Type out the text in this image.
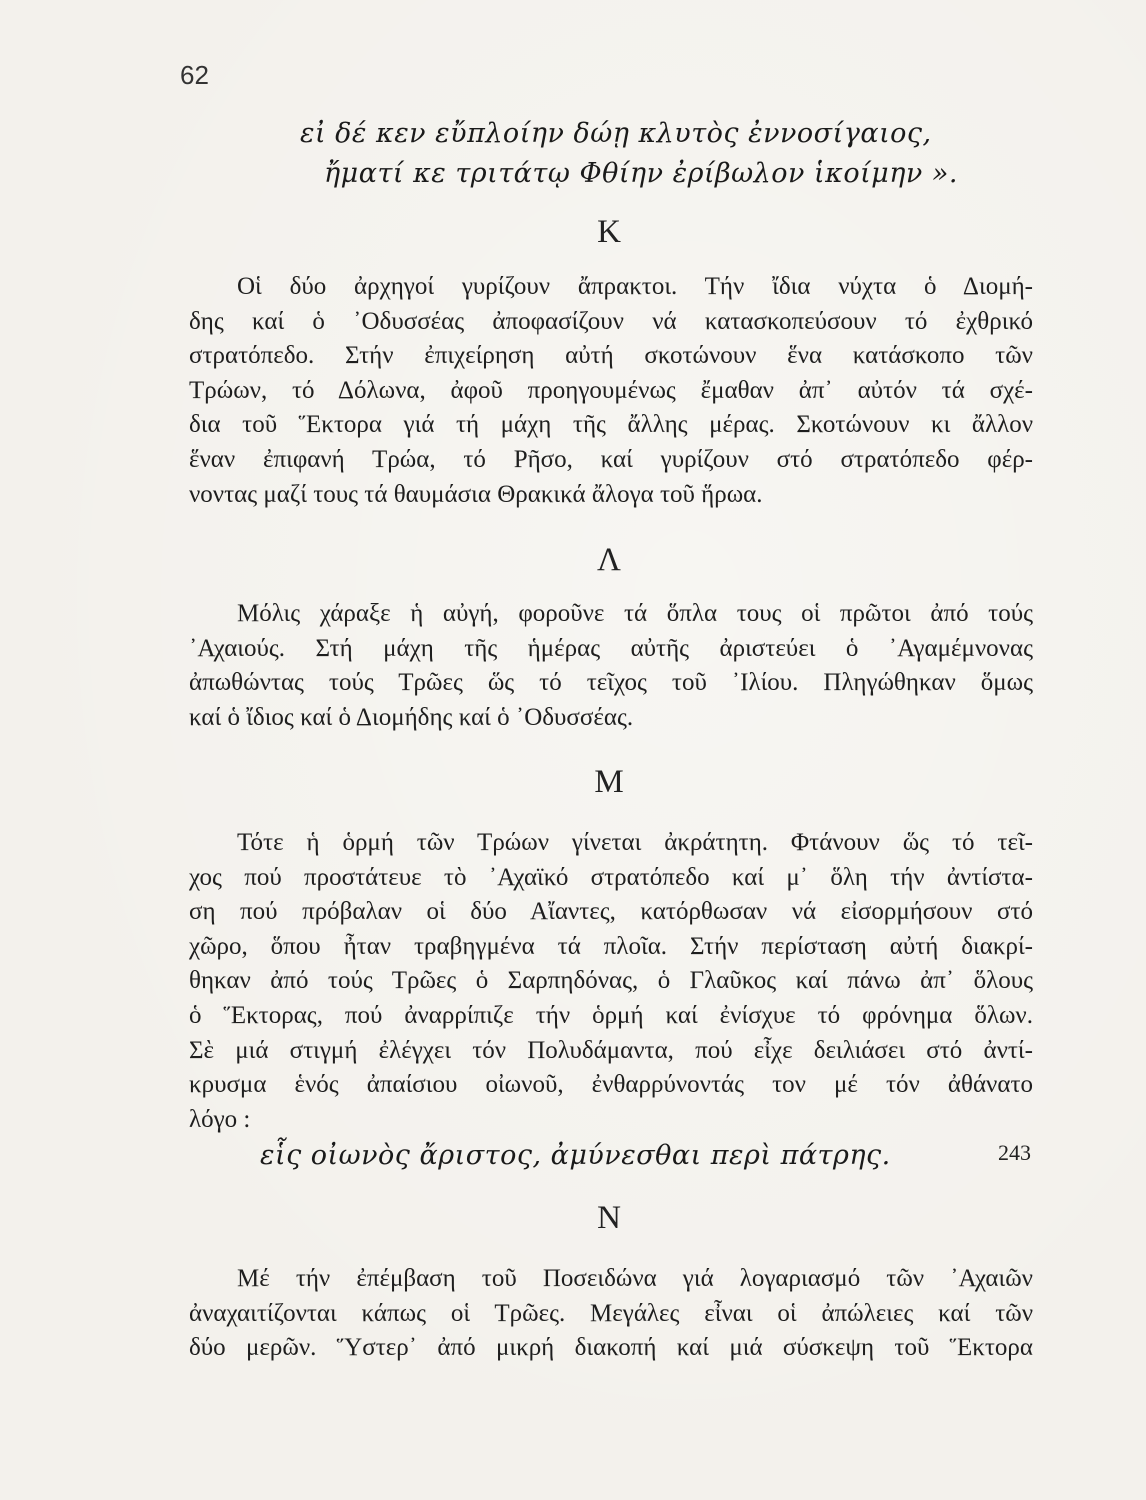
62
εἰ δέ κεν εὔπλοίην δώῃ κλυτὸς ἐννοσίγαιος,
ἤματί κε τριτάτῳ Φθίην ἐρίβωλον ἱκοίμην ».
Κ
Οἱ δύο ἀρχηγοί γυρίζουν ἄπρακτοι. Τήν ἴδια νύχτα ὁ Διομή-
δης καί ὁ ᾿Οδυσσέας ἀποφασίζουν νά κατασκοπεύσουν τό ἐχθρικό
στρατόπεδο. Στήν ἐπιχείρηση αὐτή σκοτώνουν ἕνα κατάσκοπο τῶν
Τρώων, τό Δόλωνα, ἀφοῦ προηγουμένως ἔμαθαν ἀπ᾿ αὐτόν τά σχέ-
δια τοῦ Ἕκτορα γιά τή μάχη τῆς ἄλλης μέρας. Σκοτώνουν κι ἄλλον
ἕναν ἐπιφανή Τρώα, τό Ρῆσο, καί γυρίζουν στό στρατόπεδο φέρ-
νοντας μαζί τους τά θαυμάσια Θρακικά ἄλογα τοῦ ἥρωα.
Λ
Μόλις χάραξε ἡ αὐγή, φοροῦνε τά ὅπλα τους οἱ πρῶτοι ἀπό τούς
᾿Αχαιούς. Στή μάχη τῆς ἡμέρας αὐτῆς ἀριστεύει ὁ ᾿Αγαμέμνονας
ἀπωθώντας τούς Τρῶες ὥς τό τεῖχος τοῦ ᾿Ιλίου. Πληγώθηκαν ὅμως
καί ὁ ἴδιος καί ὁ Διομήδης καί ὁ ᾿Οδυσσέας.
Μ
Τότε ἡ ὁρμή τῶν Τρώων γίνεται ἀκράτητη. Φτάνουν ὥς τό τεῖ-
χος πού προστάτευε τὸ ᾿Αχαϊκό στρατόπεδο καί μ᾿ ὅλη τήν ἀντίστα-
ση πού πρόβαλαν οἱ δύο Αἴαντες, κατόρθωσαν νά εἰσορμήσουν στό
χῶρο, ὅπου ἦταν τραβηγμένα τά πλοῖα. Στήν περίσταση αὐτή διακρί-
θηκαν ἀπό τούς Τρῶες ὁ Σαρπηδόνας, ὁ Γλαῦκος καί πάνω ἀπ᾿ ὅλους
ὁ Ἕκτορας, πού ἀναρρίπιζε τήν ὁρμή καί ἐνίσχυε τό φρόνημα ὅλων.
Σὲ μιά στιγμή ἐλέγχει τόν Πολυδάμαντα, πού εἶχε δειλιάσει στό ἀντί-
κρυσμα ἑνός ἀπαίσιου οἰωνοῦ, ἐνθαρρύνοντάς τον μέ τόν ἀθάνατο
λόγο :
εἷς οἰωνὸς ἄριστος, ἀμύνεσθαι περὶ πάτρης.	243
Ν
Μέ τήν ἐπέμβαση τοῦ Ποσειδώνα γιά λογαριασμό τῶν ᾿Αχαιῶν
ἀναχαιτίζονται κάπως οἱ Τρῶες. Μεγάλες εἶναι οἱ ἀπώλειες καί τῶν
δύο μερῶν. Ὕστερ᾿ ἀπό μικρή διακοπή καί μιά σύσκεψη τοῦ Ἕκτορα
